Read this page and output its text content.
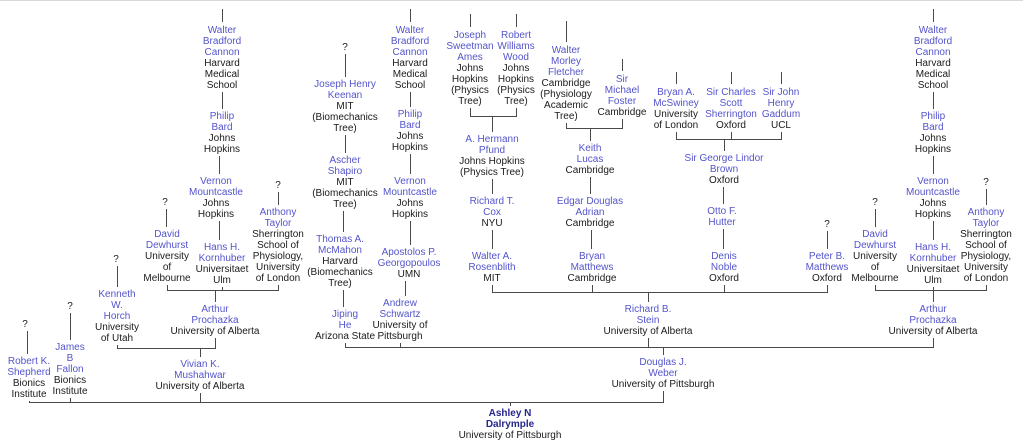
Walter
Bradford
Cannon
Harvard
Medical
School
Philip
Bard
Johns
Hopkins
Vernon
Mountcastle
Johns
Hopkins
?
David
Dewhurst
University
of
Melbourne
Hans H.
Kornhuber
Universitaet
Ulm
?
Anthony
Taylor
Sherrington
School of
Physiology,
University
of London
Arthur
Prochazka
University of Alberta
?
Kenneth
W.
Horch
University
of Utah
Vivian K.
Mushahwar
University of Alberta
?
Robert K.
Shepherd
Bionics
Institute
?
James
B
Fallon
Bionics
Institute
?
Joseph Henry
Keenan
MIT
(Biomechanics
Tree)
Ascher
Shapiro
MIT
(Biomechanics
Tree)
Thomas A.
McMahon
Harvard
(Biomechanics
Tree)
Jiping
He
Arizona State
Walter
Bradford
Cannon
Harvard
Medical
School
Philip
Bard
Johns
Hopkins
Vernon
Mountcastle
Johns
Hopkins
Apostolos P.
Georgopoulos
UMN
Andrew
Schwartz
University of
Pittsburgh
Joseph
Sweetman
Ames
Johns
Hopkins
(Physics
Tree)
Robert
Williams
Wood
Johns
Hopkins
(Physics
Tree)
A. Hermann
Pfund
Johns Hopkins
(Physics Tree)
Richard T.
Cox
NYU
Walter A.
Rosenblith
MIT
Walter
Morley
Fletcher
Cambridge
(Physiology
Academic
Tree)
Sir
Michael
Foster
Cambridge
Keith
Lucas
Cambridge
Edgar Douglas
Adrian
Cambridge
Bryan
Matthews
Cambridge
Bryan A.
McSwiney
University
of London
Sir Charles
Scott
Sherrington
Oxford
Sir John
Henry
Gaddum
UCL
Sir George Lindor
Brown
Oxford
Otto F.
Hutter
Denis
Noble
Oxford
?
Peter B.
Matthews
Oxford
Richard B.
Stein
University of Alberta
Walter
Bradford
Cannon
Harvard
Medical
School
Philip
Bard
Johns
Hopkins
Vernon
Mountcastle
Johns
Hopkins
?
David
Dewhurst
University
of
Melbourne
Hans H.
Kornhuber
Universitaet
Ulm
?
Anthony
Taylor
Sherrington
School of
Physiology,
University
of London
Arthur
Prochazka
University of Alberta
Douglas J.
Weber
University of Pittsburgh
Ashley N
Dalrymple
University of Pittsburgh
